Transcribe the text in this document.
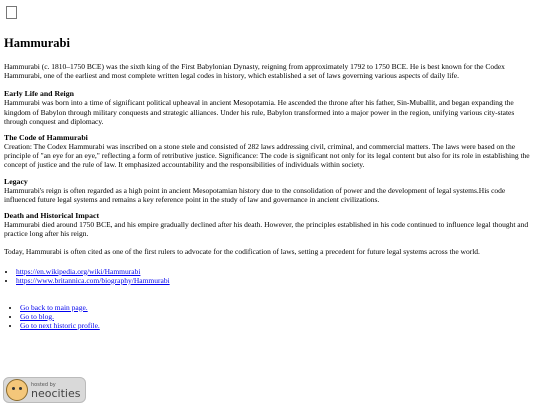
Hammurabi

Hammurabi (c. 1810–1750 BCE) was the sixth king of the First Babylonian Dynasty, reigning from approximately 1792 to 1750 BCE. He is best known for the Codex Hammurabi, one of the earliest and most complete written legal codes in history, which established a set of laws governing various aspects of daily life.

Early Life and Reign

Hammurabi was born into a time of significant political upheaval in ancient Mesopotamia. He ascended the throne after his father, Sin-Muballit, and began expanding the kingdom of Babylon through military conquests and strategic alliances. Under his rule, Babylon transformed into a major power in the region, unifying various city-states through conquest and diplomacy.

The Code of Hammurabi

Creation: The Codex Hammurabi was inscribed on a stone stele and consisted of 282 laws addressing civil, criminal, and commercial matters. The laws were based on the principle of "an eye for an eye," reflecting a form of retributive justice. Significance: The code is significant not only for its legal content but also for its role in establishing the concept of justice and the rule of law. It emphasized accountability and the responsibilities of individuals within society.

Legacy

Hammurabi's reign is often regarded as a high point in ancient Mesopotamian history due to the consolidation of power and the development of legal systems.His code influenced future legal systems and remains a key reference point in the study of law and governance in ancient civilizations.

Death and Historical Impact

Hammurabi died around 1750 BCE, and his empire gradually declined after his death. However, the principles established in his code continued to influence legal thought and practice long after his reign.

Today, Hammurabi is often cited as one of the first rulers to advocate for the codification of laws, setting a precedent for future legal systems across the world.

• https://en.wikipedia.org/wiki/Hammurabi
• https://www.britannica.com/biography/Hammurabi
• Go back to main page.
• Go to blog.
• Go to next historic profile.
hosted by
neocities
